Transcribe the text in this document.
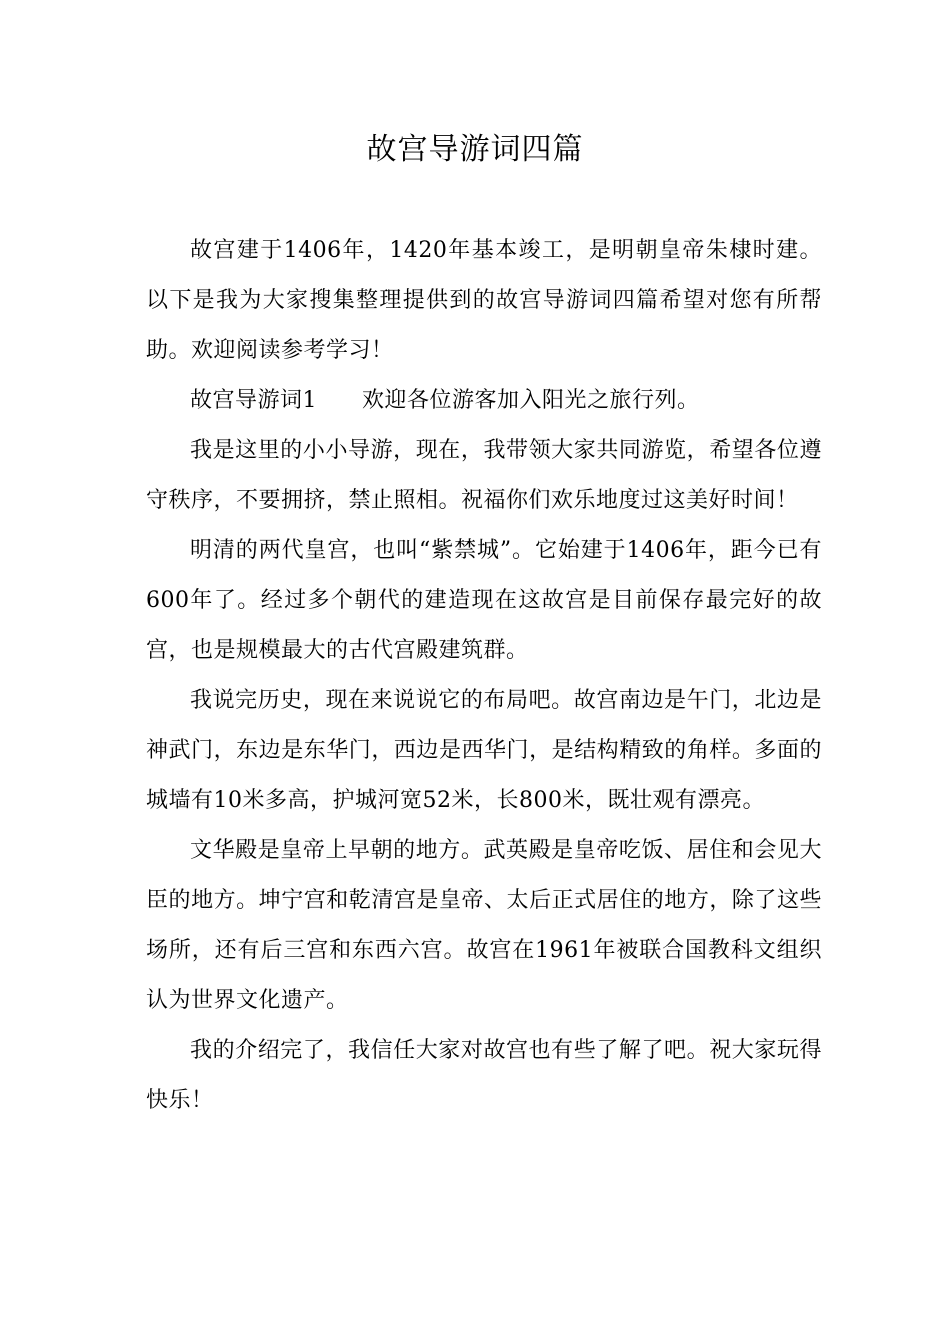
故宫导游词四篇

故宫建于1406年，1420年基本竣工，是明朝皇帝朱棣时建。以下是我为大家搜集整理提供到的故宫导游词四篇希望对您有所帮助。欢迎阅读参考学习！

故宫导游词1　　欢迎各位游客加入阳光之旅行列。

我是这里的小小导游，现在，我带领大家共同游览，希望各位遵守秩序，不要拥挤，禁止照相。祝福你们欢乐地度过这美好时间！

明清的两代皇宫，也叫“紫禁城”。它始建于1406年，距今已有600年了。经过多个朝代的建造现在这故宫是目前保存最完好的故宫，也是规模最大的古代宫殿建筑群。

我说完历史，现在来说说它的布局吧。故宫南边是午门，北边是神武门，东边是东华门，西边是西华门，是结构精致的角样。多面的城墙有10米多高，护城河宽52米，长800米，既壮观有漂亮。

文华殿是皇帝上早朝的地方。武英殿是皇帝吃饭、居住和会见大臣的地方。坤宁宫和乾清宫是皇帝、太后正式居住的地方，除了这些场所，还有后三宫和东西六宫。故宫在1961年被联合国教科文组织认为世界文化遗产。

我的介绍完了，我信任大家对故宫也有些了解了吧。祝大家玩得快乐！
